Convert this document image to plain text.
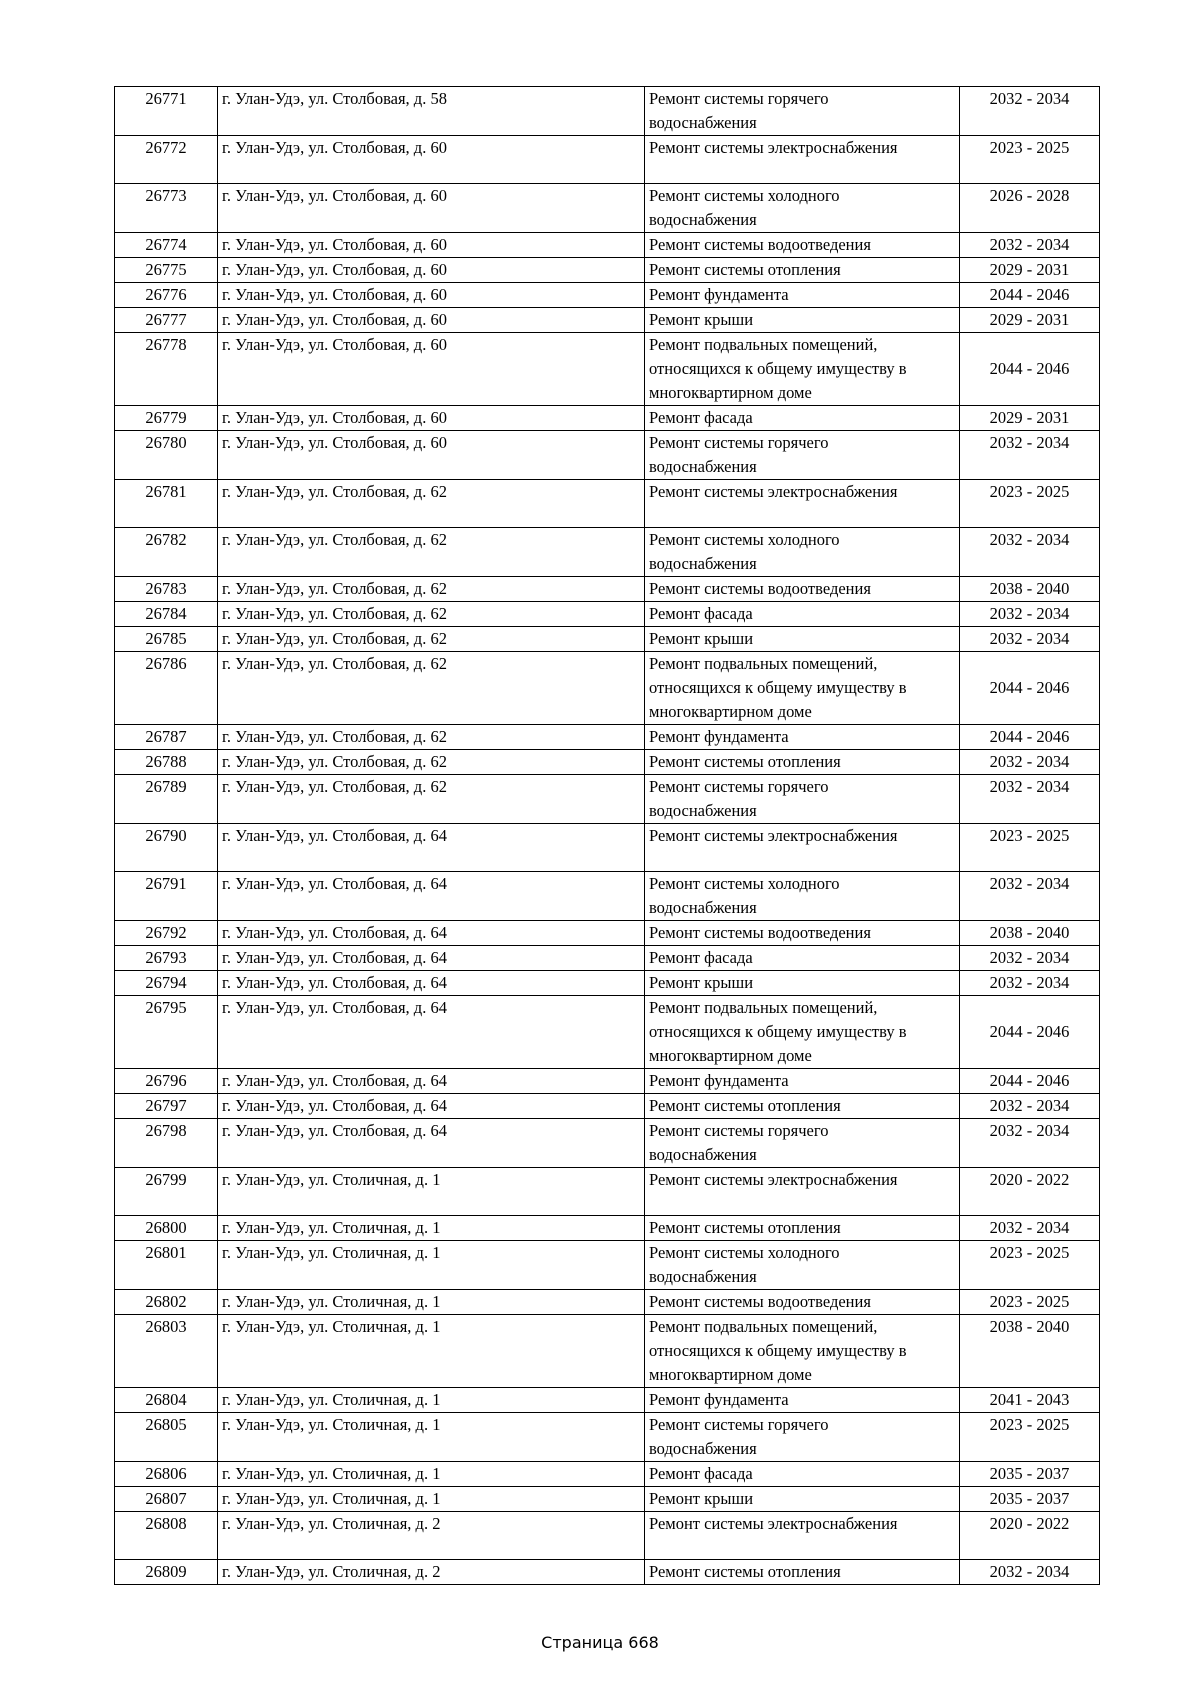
26771	г. Улан-Удэ, ул. Столбовая, д. 58	Ремонт системы горячего
водоснабжения	2032 - 2034
26772	г. Улан-Удэ, ул. Столбовая, д. 60	Ремонт системы электроснабжения	2023 - 2025
26773	г. Улан-Удэ, ул. Столбовая, д. 60	Ремонт системы холодного
водоснабжения	2026 - 2028
26774	г. Улан-Удэ, ул. Столбовая, д. 60	Ремонт системы водоотведения	2032 - 2034
26775	г. Улан-Удэ, ул. Столбовая, д. 60	Ремонт системы отопления	2029 - 2031
26776	г. Улан-Удэ, ул. Столбовая, д. 60	Ремонт фундамента	2044 - 2046
26777	г. Улан-Удэ, ул. Столбовая, д. 60	Ремонт крыши	2029 - 2031
26778	г. Улан-Удэ, ул. Столбовая, д. 60	Ремонт подвальных помещений,
относящихся к общему имуществу в
многоквартирном доме	2044 - 2046
26779	г. Улан-Удэ, ул. Столбовая, д. 60	Ремонт фасада	2029 - 2031
26780	г. Улан-Удэ, ул. Столбовая, д. 60	Ремонт системы горячего
водоснабжения	2032 - 2034
26781	г. Улан-Удэ, ул. Столбовая, д. 62	Ремонт системы электроснабжения	2023 - 2025
26782	г. Улан-Удэ, ул. Столбовая, д. 62	Ремонт системы холодного
водоснабжения	2032 - 2034
26783	г. Улан-Удэ, ул. Столбовая, д. 62	Ремонт системы водоотведения	2038 - 2040
26784	г. Улан-Удэ, ул. Столбовая, д. 62	Ремонт фасада	2032 - 2034
26785	г. Улан-Удэ, ул. Столбовая, д. 62	Ремонт крыши	2032 - 2034
26786	г. Улан-Удэ, ул. Столбовая, д. 62	Ремонт подвальных помещений,
относящихся к общему имуществу в
многоквартирном доме	2044 - 2046
26787	г. Улан-Удэ, ул. Столбовая, д. 62	Ремонт фундамента	2044 - 2046
26788	г. Улан-Удэ, ул. Столбовая, д. 62	Ремонт системы отопления	2032 - 2034
26789	г. Улан-Удэ, ул. Столбовая, д. 62	Ремонт системы горячего
водоснабжения	2032 - 2034
26790	г. Улан-Удэ, ул. Столбовая, д. 64	Ремонт системы электроснабжения	2023 - 2025
26791	г. Улан-Удэ, ул. Столбовая, д. 64	Ремонт системы холодного
водоснабжения	2032 - 2034
26792	г. Улан-Удэ, ул. Столбовая, д. 64	Ремонт системы водоотведения	2038 - 2040
26793	г. Улан-Удэ, ул. Столбовая, д. 64	Ремонт фасада	2032 - 2034
26794	г. Улан-Удэ, ул. Столбовая, д. 64	Ремонт крыши	2032 - 2034
26795	г. Улан-Удэ, ул. Столбовая, д. 64	Ремонт подвальных помещений,
относящихся к общему имуществу в
многоквартирном доме	2044 - 2046
26796	г. Улан-Удэ, ул. Столбовая, д. 64	Ремонт фундамента	2044 - 2046
26797	г. Улан-Удэ, ул. Столбовая, д. 64	Ремонт системы отопления	2032 - 2034
26798	г. Улан-Удэ, ул. Столбовая, д. 64	Ремонт системы горячего
водоснабжения	2032 - 2034
26799	г. Улан-Удэ, ул. Столичная, д. 1	Ремонт системы электроснабжения	2020 - 2022
26800	г. Улан-Удэ, ул. Столичная, д. 1	Ремонт системы отопления	2032 - 2034
26801	г. Улан-Удэ, ул. Столичная, д. 1	Ремонт системы холодного
водоснабжения	2023 - 2025
26802	г. Улан-Удэ, ул. Столичная, д. 1	Ремонт системы водоотведения	2023 - 2025
26803	г. Улан-Удэ, ул. Столичная, д. 1	Ремонт подвальных помещений,
относящихся к общему имуществу в
многоквартирном доме	2038 - 2040
26804	г. Улан-Удэ, ул. Столичная, д. 1	Ремонт фундамента	2041 - 2043
26805	г. Улан-Удэ, ул. Столичная, д. 1	Ремонт системы горячего
водоснабжения	2023 - 2025
26806	г. Улан-Удэ, ул. Столичная, д. 1	Ремонт фасада	2035 - 2037
26807	г. Улан-Удэ, ул. Столичная, д. 1	Ремонт крыши	2035 - 2037
26808	г. Улан-Удэ, ул. Столичная, д. 2	Ремонт системы электроснабжения	2020 - 2022
26809	г. Улан-Удэ, ул. Столичная, д. 2	Ремонт системы отопления	2032 - 2034
Страница 668
